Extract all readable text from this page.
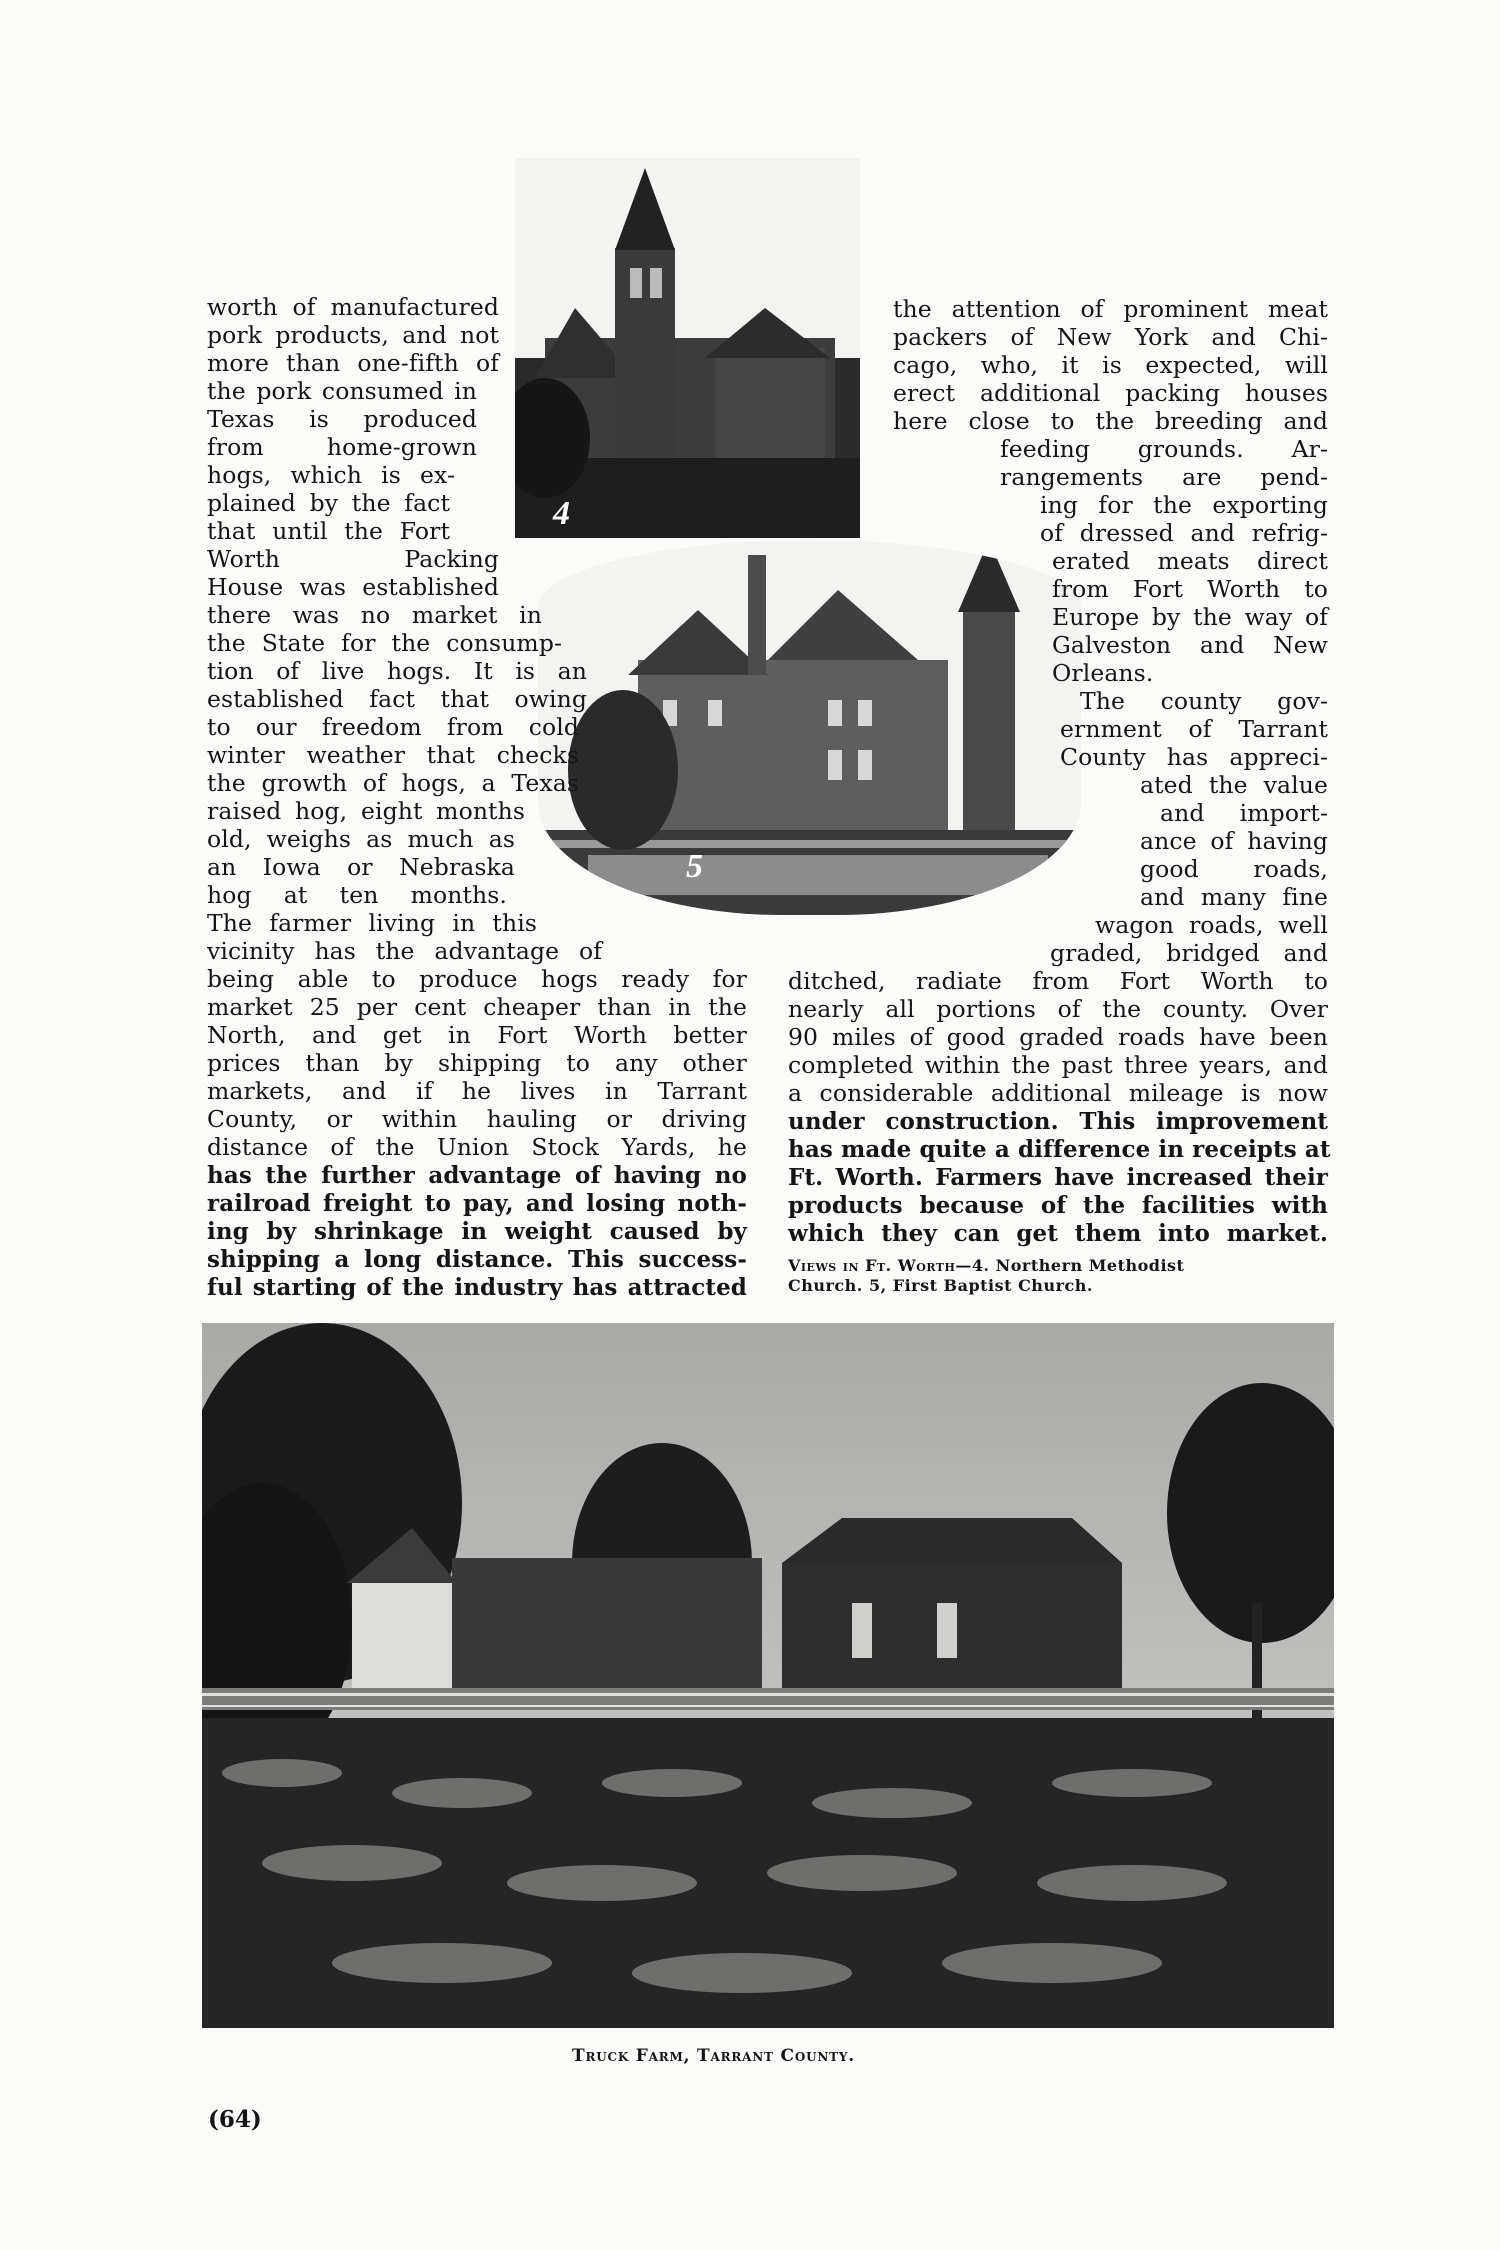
4
5

worth of manufactured

pork products, and not

more than one-fifth of

the pork consumed in

Texas is produced

from home-grown

hogs, which is ex-

plained by the fact

that until the Fort

Worth Packing

House was established

there was no market in

the State for the consump-

tion of live hogs. It is an

established fact that owing

to our freedom from cold

winter weather that checks

the growth of hogs, a Texas

raised hog, eight months

old, weighs as much as

an Iowa or Nebraska

hog at ten months.

The farmer living in this

vicinity has the advantage of

being able to produce hogs ready for

market 25 per cent cheaper than in the

North, and get in Fort Worth better

prices than by shipping to any other

markets, and if he lives in Tarrant

County, or within hauling or driving

distance of the Union Stock Yards, he

has the further advantage of having no

railroad freight to pay, and losing noth-

ing by shrinkage in weight caused by

shipping a long distance. This success-

ful starting of the industry has attracted

the attention of prominent meat

packers of New York and Chi-

cago, who, it is expected, will

erect additional packing houses

here close to the breeding and

feeding grounds. Ar-

rangements are pend-

ing for the exporting

of dressed and refrig-

erated meats direct

from Fort Worth to

Europe by the way of

Galveston and New

Orleans.

The county gov-

ernment of Tarrant

County has appreci-

ated the value

and import-

ance of having

good roads,

and many fine

wagon roads, well

graded, bridged and

ditched, radiate from Fort Worth to

nearly all portions of the county. Over

90 miles of good graded roads have been

completed within the past three years, and

a considerable additional mileage is now

under construction. This improvement

has made quite a difference in receipts at

Ft. Worth. Farmers have increased their

products because of the facilities with

which they can get them into market.

Views in Ft. Worth—4. Northern Methodist

Church. 5, First Baptist Church.

Truck Farm, Tarrant County.

(64)
